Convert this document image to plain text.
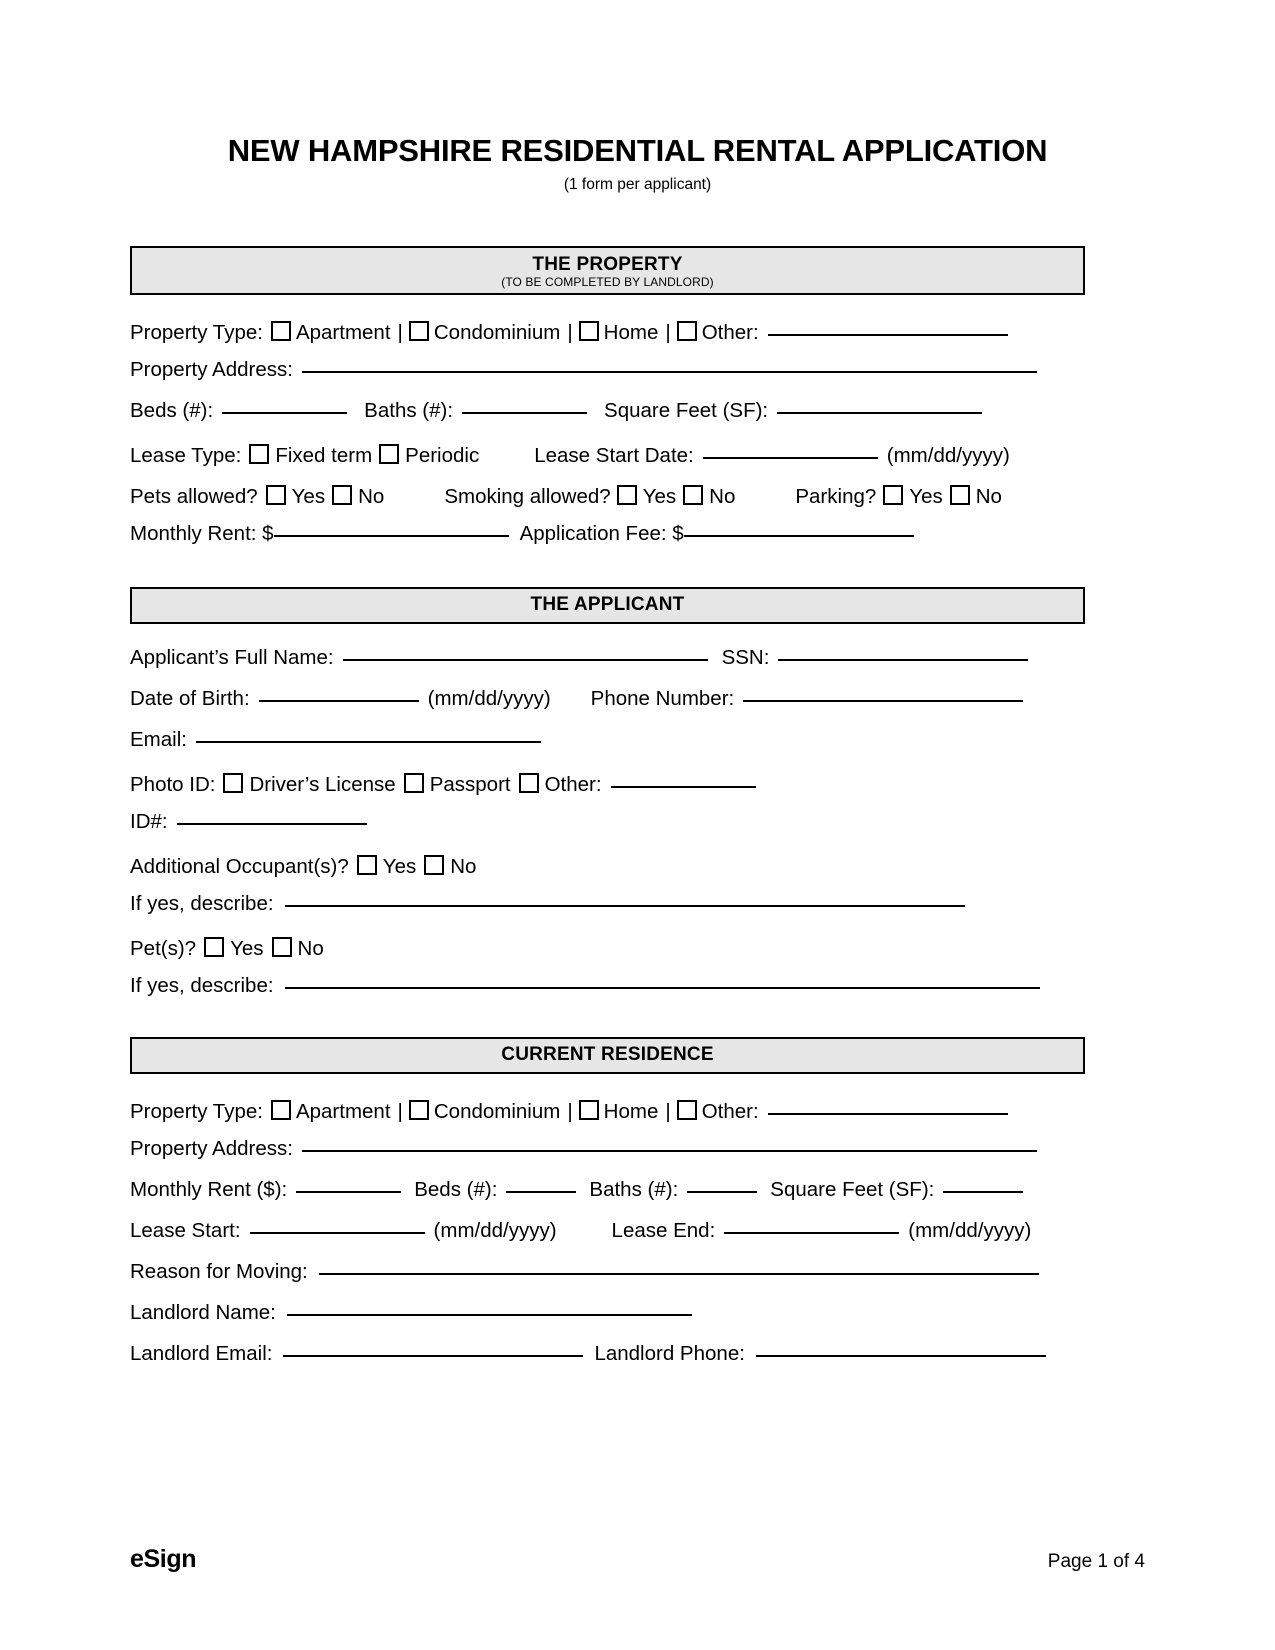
NEW HAMPSHIRE RESIDENTIAL RENTAL APPLICATION
(1 form per applicant)
THE PROPERTY
(TO BE COMPLETED BY LANDLORD)
Property Type: Apartment | Condominium | Home | Other:
Property Address:
Beds (#):	Baths (#):	Square Feet (SF):
Lease Type: Fixed term Periodic	Lease Start Date:	(mm/dd/yyyy)
Pets allowed? Yes No	Smoking allowed? Yes No	Parking? Yes No
Monthly Rent: $	Application Fee: $
THE APPLICANT
Applicant’s Full Name:	SSN:
Date of Birth:	(mm/dd/yyyy) Phone Number:
Email:
Photo ID: Driver’s License Passport Other:
ID#:
Additional Occupant(s)? Yes No
If yes, describe:
Pet(s)? Yes No
If yes, describe:
CURRENT RESIDENCE
Property Type: Apartment | Condominium | Home | Other:
Property Address:
Monthly Rent ($):	Beds (#):	Baths (#):	Square Feet (SF):
Lease Start:	(mm/dd/yyyy)	Lease End:	(mm/dd/yyyy)
Reason for Moving:
Landlord Name:
Landlord Email:	Landlord Phone:
eSign	Page 1 of 4
